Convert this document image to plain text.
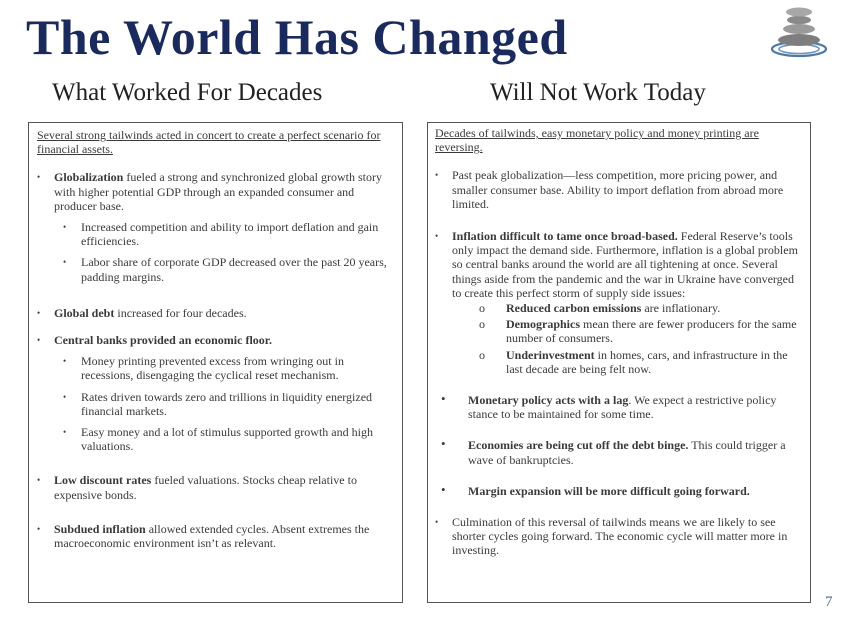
The World Has Changed
What Worked For Decades	Will Not Work Today
Several strong tailwinds acted in concert to create a perfect scenario for financial assets.
• Globalization fueled a strong and synchronized global growth story with higher potential GDP through an expanded consumer and producer base.
• Increased competition and ability to import deflation and gain efficiencies.
• Labor share of corporate GDP decreased over the past 20 years, padding margins.
• Global debt increased for four decades.
• Central banks provided an economic floor.
• Money printing prevented excess from wringing out in recessions, disengaging the cyclical reset mechanism.
• Rates driven towards zero and trillions in liquidity energized financial markets.
• Easy money and a lot of stimulus supported growth and high valuations.
• Low discount rates fueled valuations. Stocks cheap relative to expensive bonds.
• Subdued inflation allowed extended cycles. Absent extremes the macroeconomic environment isn’t as relevant.
Decades of tailwinds, easy monetary policy and money printing are reversing.
• Past peak globalization—less competition, more pricing power, and smaller consumer base. Ability to import deflation from abroad more limited.
• Inflation difficult to tame once broad-based. Federal Reserve’s tools only impact the demand side. Furthermore, inflation is a global problem so central banks around the world are all tightening at once. Several things aside from the pandemic and the war in Ukraine have converged to create this perfect storm of supply side issues:
o Reduced carbon emissions are inflationary.
o Demographics mean there are fewer producers for the same number of consumers.
o Underinvestment in homes, cars, and infrastructure in the last decade are being felt now.
• Monetary policy acts with a lag. We expect a restrictive policy stance to be maintained for some time.
• Economies are being cut off the debt binge. This could trigger a wave of bankruptcies.
• Margin expansion will be more difficult going forward.
• Culmination of this reversal of tailwinds means we are likely to see shorter cycles going forward. The economic cycle will matter more in investing.
7
